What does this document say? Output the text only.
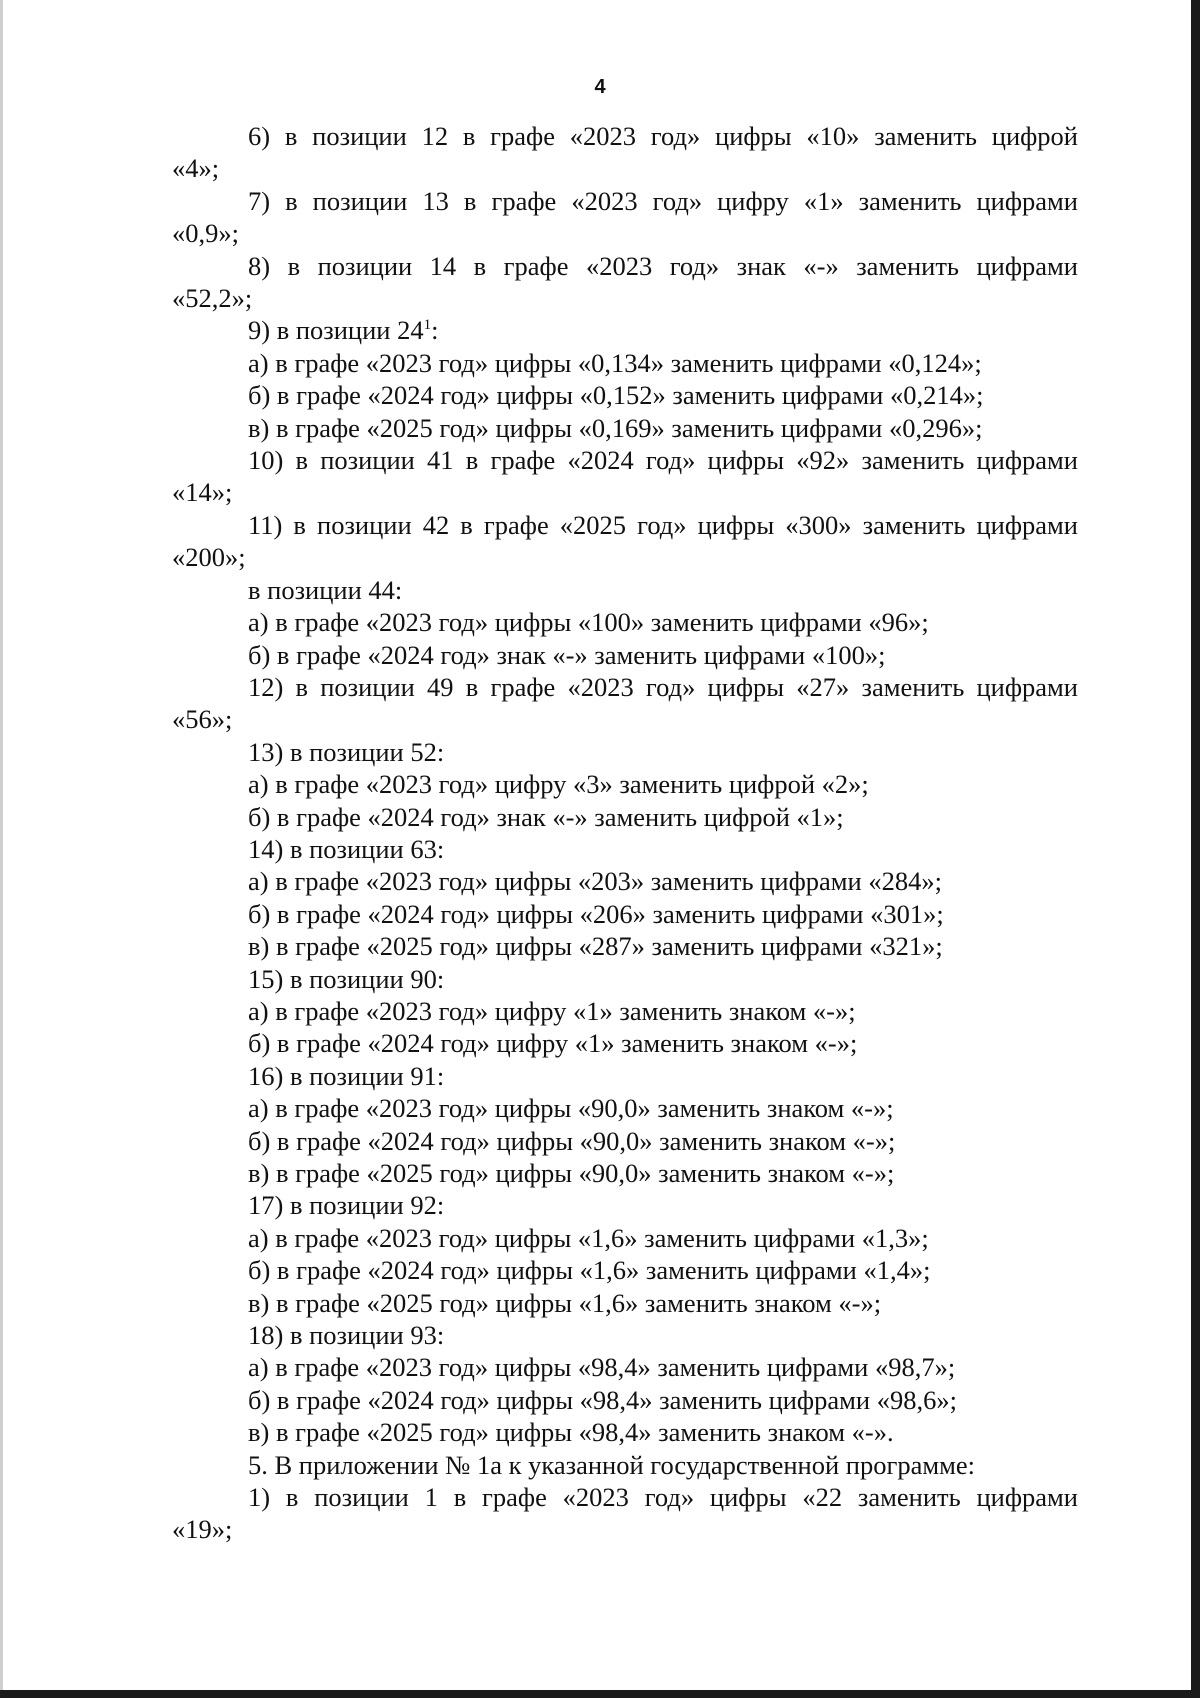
4
6) в позиции 12 в графе «2023 год» цифры «10» заменить цифрой
«4»;
7) в позиции 13 в графе «2023 год» цифру «1» заменить цифрами
«0,9»;
8) в позиции 14 в графе «2023 год» знак «-» заменить цифрами
«52,2»;
9) в позиции $24^1$:
а) в графе «2023 год» цифры «0,134» заменить цифрами «0,124»;
б) в графе «2024 год» цифры «0,152» заменить цифрами «0,214»;
в) в графе «2025 год» цифры «0,169» заменить цифрами «0,296»;
10) в позиции 41 в графе «2024 год» цифры «92» заменить цифрами
«14»;
11) в позиции 42 в графе «2025 год» цифры «300» заменить цифрами
«200»;
в позиции 44:
а) в графе «2023 год» цифры «100» заменить цифрами «96»;
б) в графе «2024 год» знак «-» заменить цифрами «100»;
12) в позиции 49 в графе «2023 год» цифры «27» заменить цифрами
«56»;
13) в позиции 52:
а) в графе «2023 год» цифру «3» заменить цифрой «2»;
б) в графе «2024 год» знак «-» заменить цифрой «1»;
14) в позиции 63:
а) в графе «2023 год» цифры «203» заменить цифрами «284»;
б) в графе «2024 год» цифры «206» заменить цифрами «301»;
в) в графе «2025 год» цифры «287» заменить цифрами «321»;
15) в позиции 90:
а) в графе «2023 год» цифру «1» заменить знаком «-»;
б) в графе «2024 год» цифру «1» заменить знаком «-»;
16) в позиции 91:
а) в графе «2023 год» цифры «90,0» заменить знаком «-»;
б) в графе «2024 год» цифры «90,0» заменить знаком «-»;
в) в графе «2025 год» цифры «90,0» заменить знаком «-»;
17) в позиции 92:
а) в графе «2023 год» цифры «1,6» заменить цифрами «1,3»;
б) в графе «2024 год» цифры «1,6» заменить цифрами «1,4»;
в) в графе «2025 год» цифры «1,6» заменить знаком «-»;
18) в позиции 93:
а) в графе «2023 год» цифры «98,4» заменить цифрами «98,7»;
б) в графе «2024 год» цифры «98,4» заменить цифрами «98,6»;
в) в графе «2025 год» цифры «98,4» заменить знаком «-».
5. В приложении № 1а к указанной государственной программе:
1) в позиции 1 в графе «2023 год» цифры «22 заменить цифрами
«19»;
